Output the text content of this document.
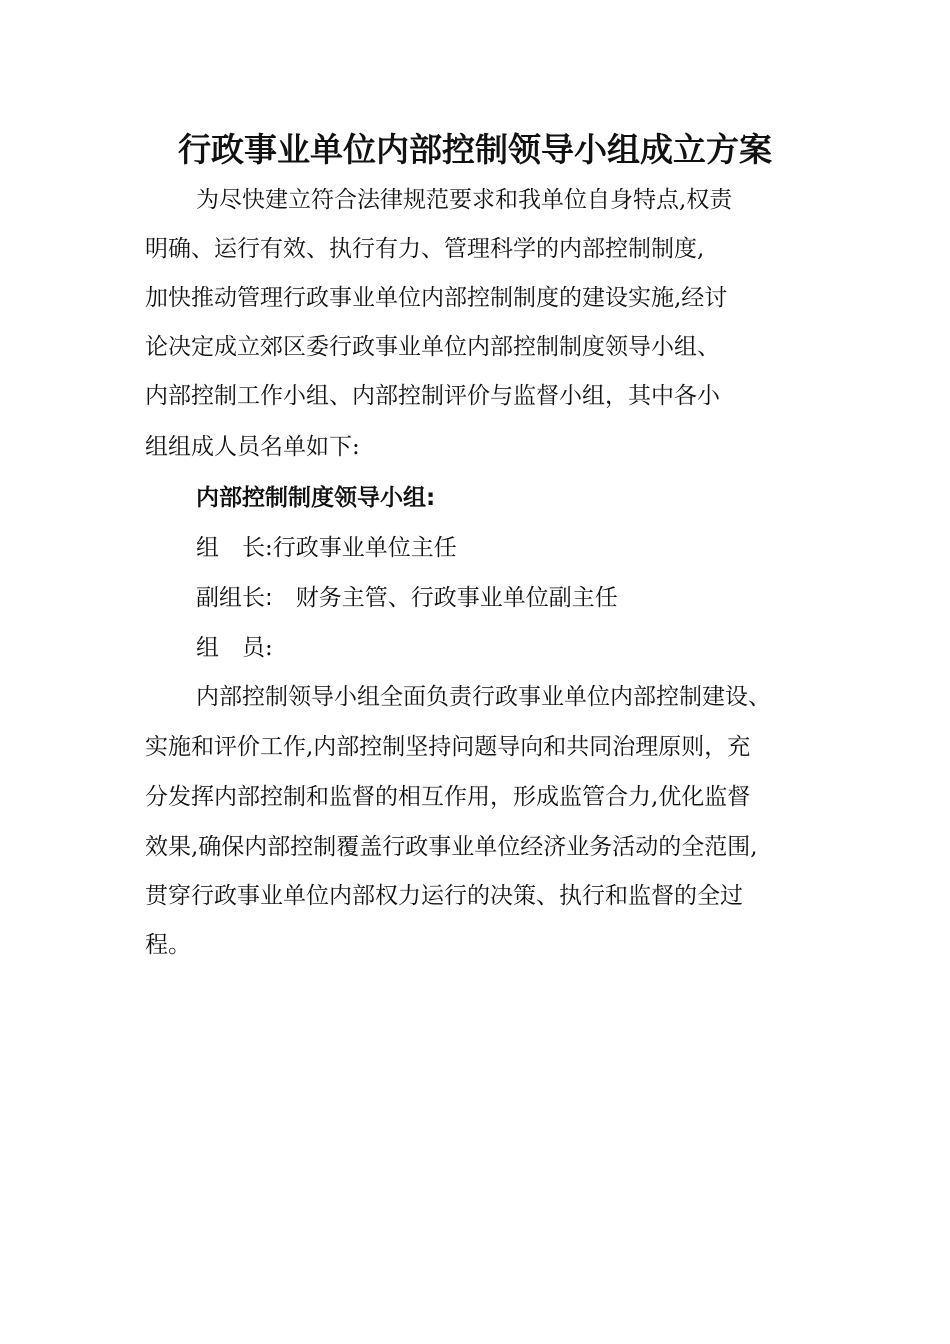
行政事业单位内部控制领导小组成立方案

为尽快建立符合法律规范要求和我单位自身特点,权责

明确、运行有效、执行有力、管理科学的内部控制制度,

加快推动管理行政事业单位内部控制制度的建设实施,经讨

论决定成立郊区委行政事业单位内部控制制度领导小组、

内部控制工作小组、内部控制评价与监督小组，其中各小

组组成人员名单如下:

内部控制制度领导小组:

组　长:行政事业单位主任

副组长:　财务主管、行政事业单位副主任

组　员:

内部控制领导小组全面负责行政事业单位内部控制建设、

实施和评价工作,内部控制坚持问题导向和共同治理原则，充

分发挥内部控制和监督的相互作用，形成监管合力,优化监督

效果,确保内部控制覆盖行政事业单位经济业务活动的全范围,

贯穿行政事业单位内部权力运行的决策、执行和监督的全过

程。
